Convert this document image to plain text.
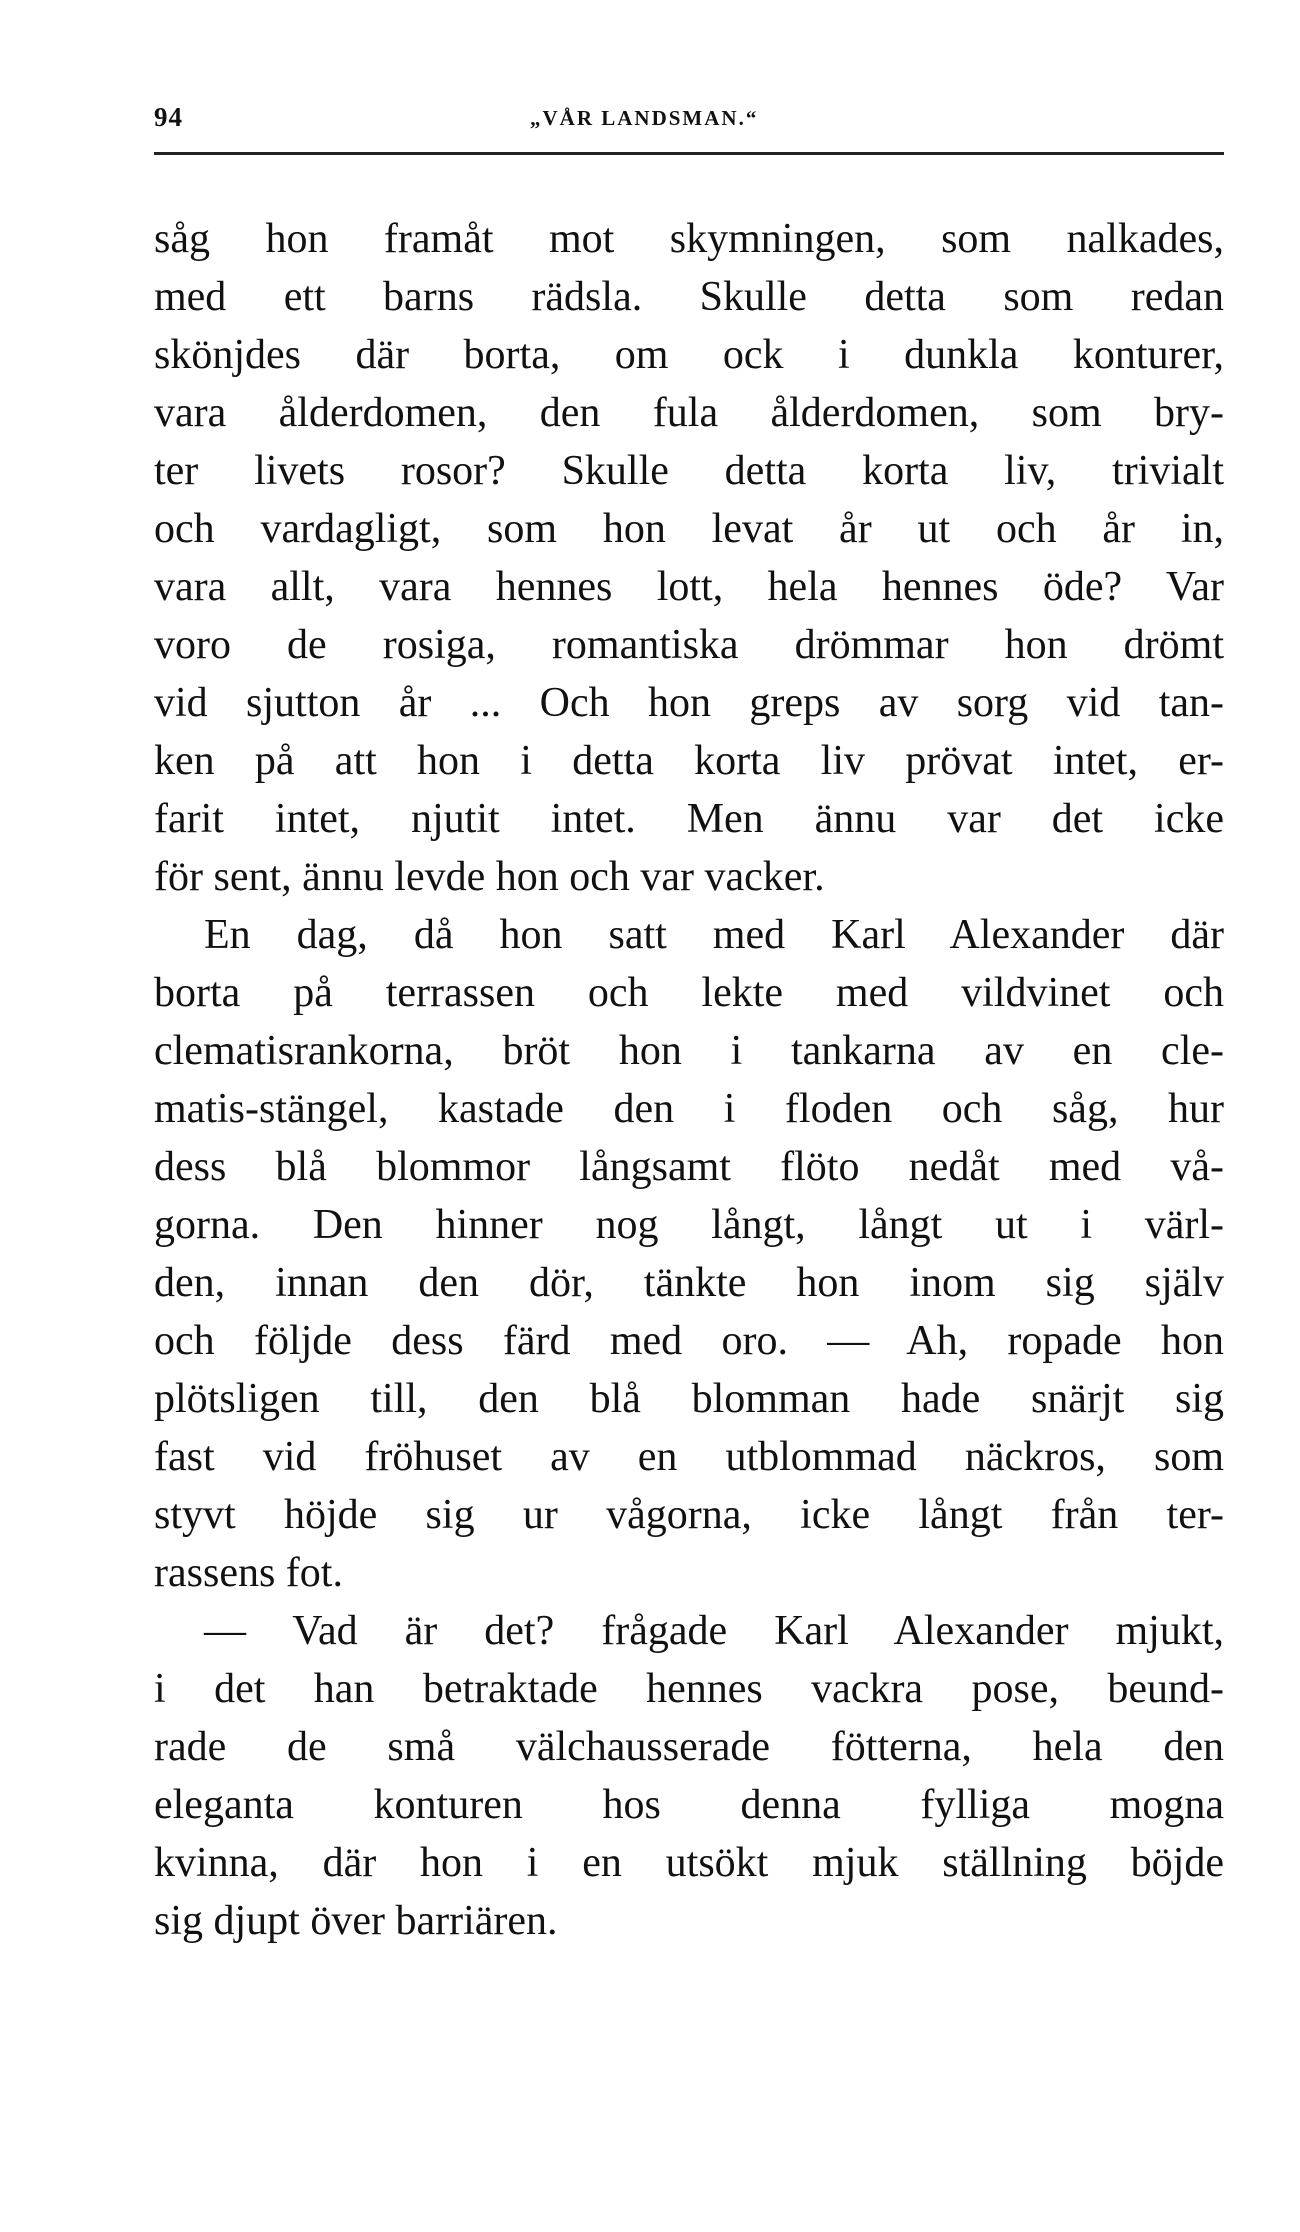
94	„VÅR LANDSMAN.“
såg hon framåt mot skymningen, som nalkades,
med ett barns rädsla. Skulle detta som redan
skönjdes där borta, om ock i dunkla konturer,
vara ålderdomen, den fula ålderdomen, som bry-
ter livets rosor? Skulle detta korta liv, trivialt
och vardagligt, som hon levat år ut och år in,
vara allt, vara hennes lott, hela hennes öde? Var
voro de rosiga, romantiska drömmar hon drömt
vid sjutton år ... Och hon greps av sorg vid tan-
ken på att hon i detta korta liv prövat intet, er-
farit intet, njutit intet. Men ännu var det icke
för sent, ännu levde hon och var vacker.
En dag, då hon satt med Karl Alexander där
borta på terrassen och lekte med vildvinet och
clematisrankorna, bröt hon i tankarna av en cle-
matis-stängel, kastade den i floden och såg, hur
dess blå blommor långsamt flöto nedåt med vå-
gorna. Den hinner nog långt, långt ut i värl-
den, innan den dör, tänkte hon inom sig själv
och följde dess färd med oro. — Ah, ropade hon
plötsligen till, den blå blomman hade snärjt sig
fast vid fröhuset av en utblommad näckros, som
styvt höjde sig ur vågorna, icke långt från ter-
rassens fot.
— Vad är det? frågade Karl Alexander mjukt,
i det han betraktade hennes vackra pose, beund-
rade de små välchausserade fötterna, hela den
eleganta konturen hos denna fylliga mogna
kvinna, där hon i en utsökt mjuk ställning böjde
sig djupt över barriären.
